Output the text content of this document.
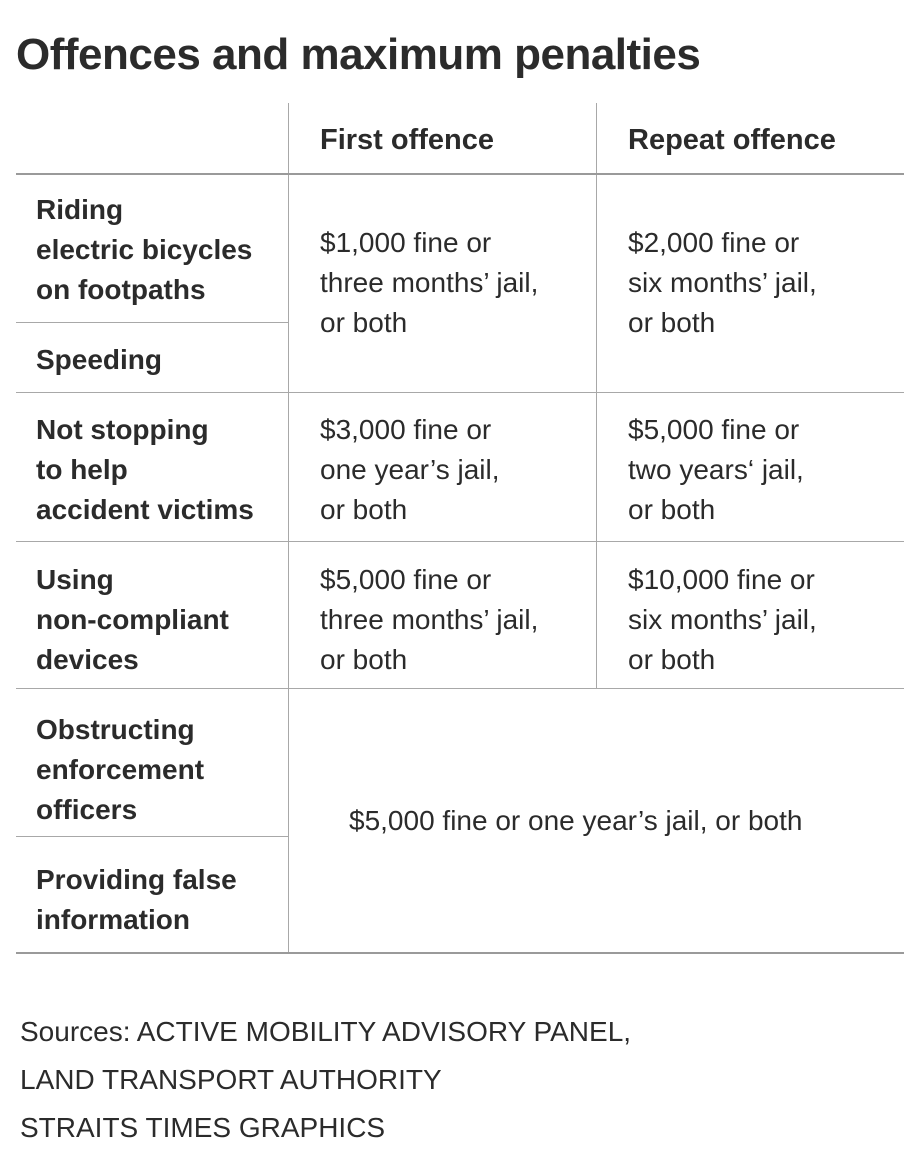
Offences and maximum penalties
First offence	Repeat offence
Riding
electric bicycles
on footpaths
Speeding
Not stopping
to help
accident victims
Using
non-compliant
devices
Obstructing
enforcement
officers
Providing false
information
$1,000 fine or
three months’ jail,
or both
$2,000 fine or
six months’ jail,
or both
$3,000 fine or
one year’s jail,
or both
$5,000 fine or
two years‘ jail,
or both
$5,000 fine or
three months’ jail,
or both
$10,000 fine or
six months’ jail,
or both
$5,000 fine or one year’s jail, or both
Sources: ACTIVE MOBILITY ADVISORY PANEL,
LAND TRANSPORT AUTHORITY
STRAITS TIMES GRAPHICS
